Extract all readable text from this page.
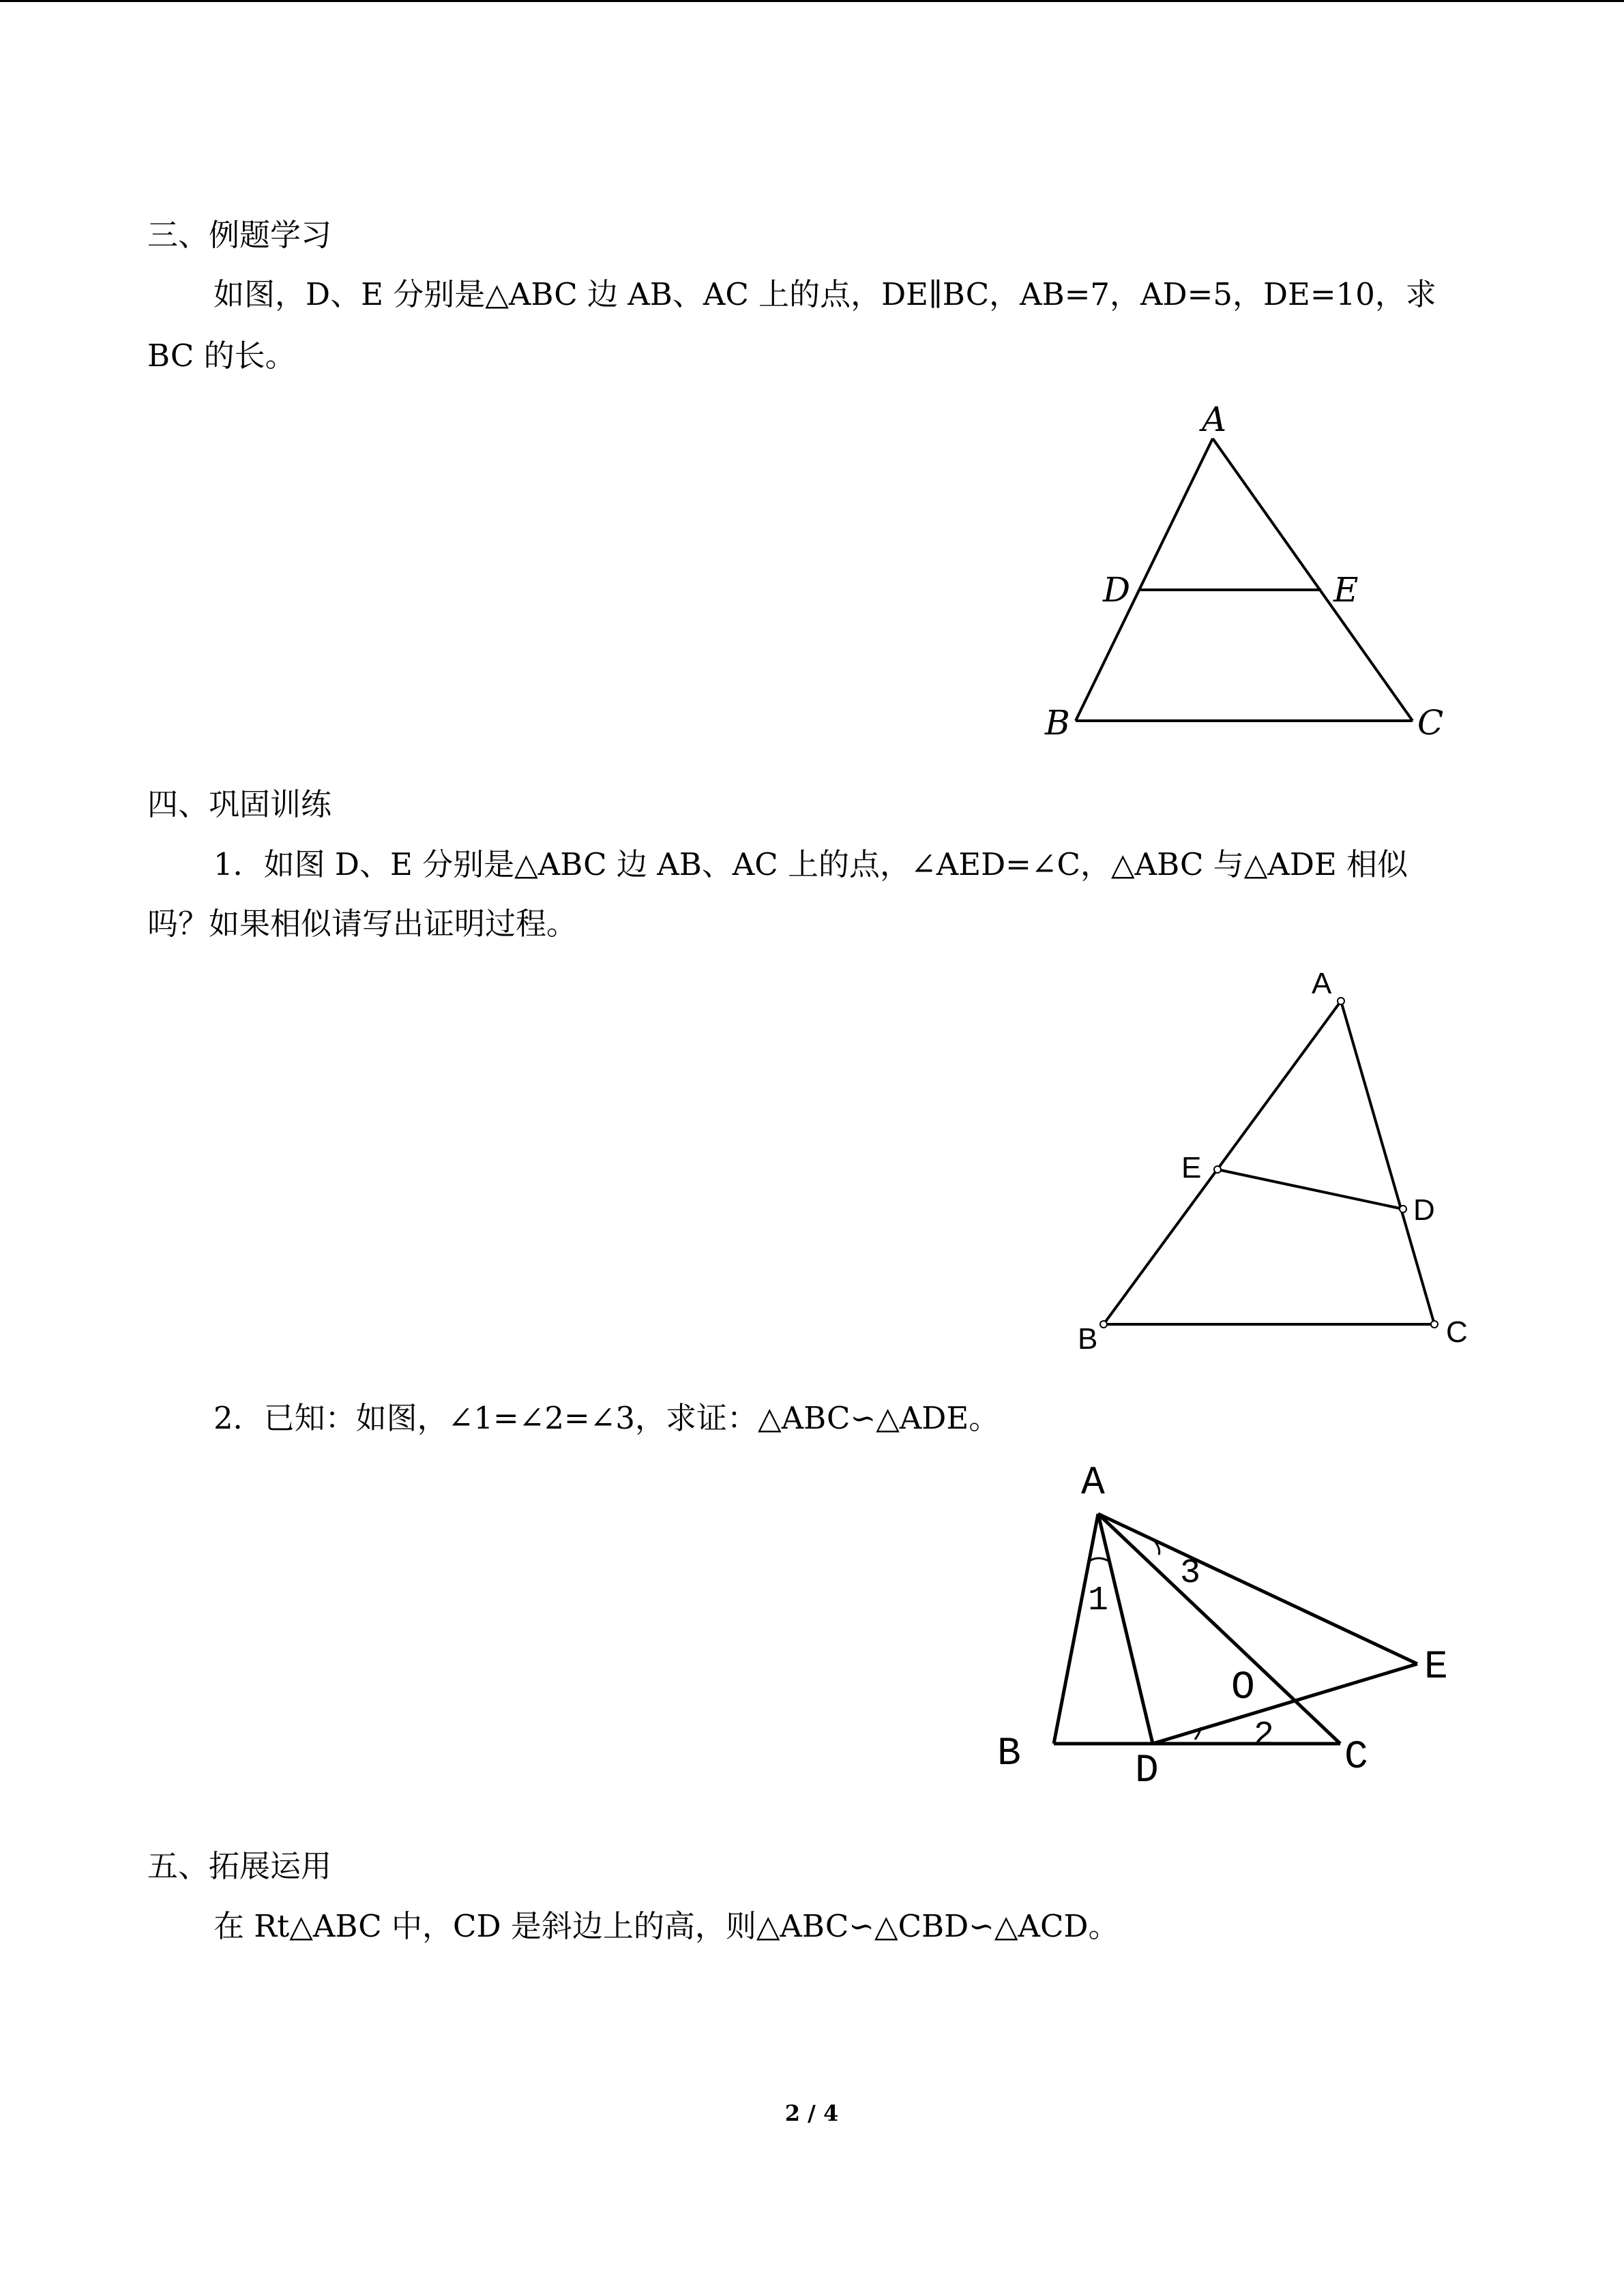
三、例题学习
如图，D、E 分别是△ABC 边 AB、AC 上的点，DE∥BC，AB=7，AD=5，DE=10，求
BC 的长。
A
D	E
B	C
四、巩固训练
1．如图 D、E 分别是△ABC 边 AB、AC 上的点，∠AED=∠C，△ABC 与△ADE 相似
吗？如果相似请写出证明过程。
A
E
D
B	C
2．已知：如图，∠1=∠2=∠3，求证：△ABC∽△ADE。
A
B	D	C
E
O
1
3
2
五、拓展运用
在 Rt△ABC 中，CD 是斜边上的高，则△ABC∽△CBD∽△ACD。
2 / 4
